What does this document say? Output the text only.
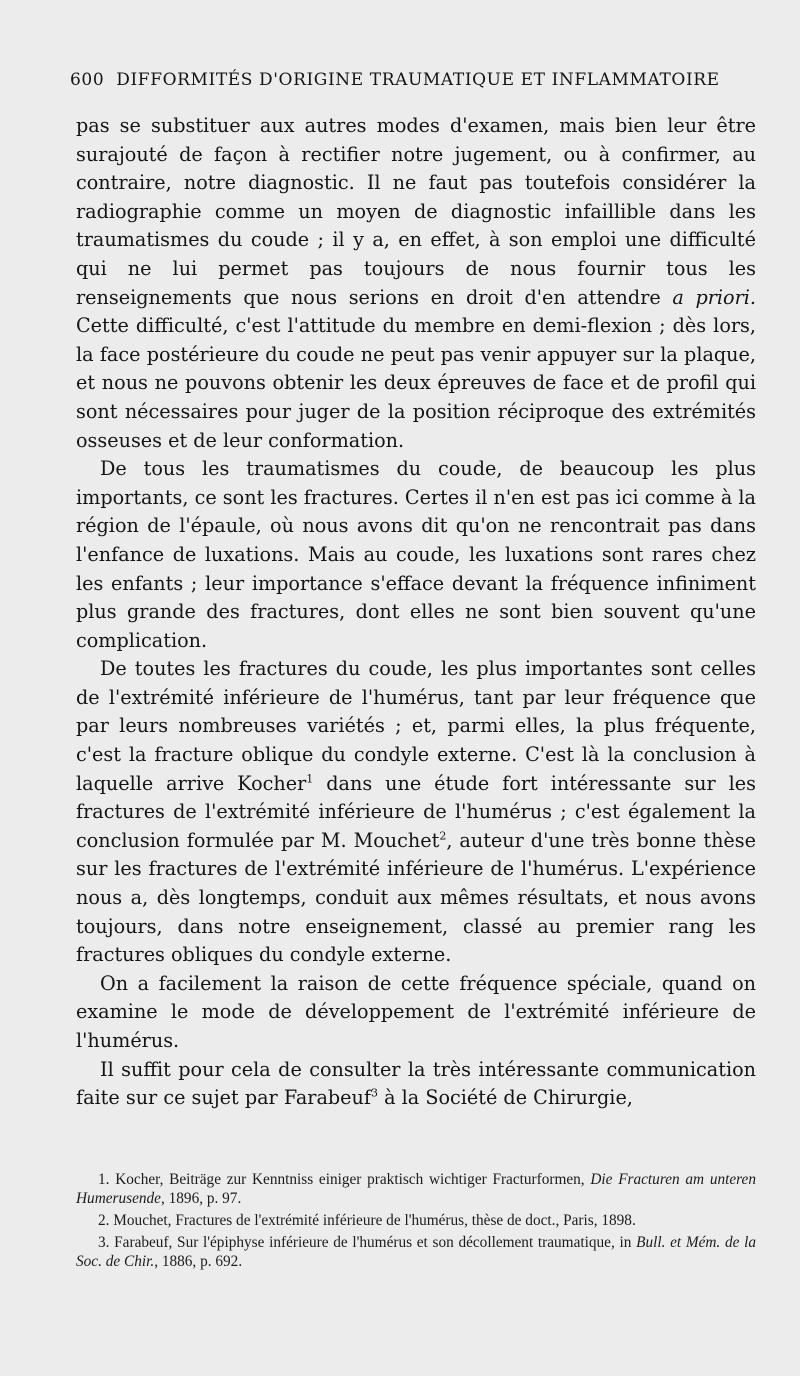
600 DIFFORMITÉS D'ORIGINE TRAUMATIQUE ET INFLAMMATOIRE

pas se substituer aux autres modes d'examen, mais bien leur être surajouté de façon à rectifier notre jugement, ou à confirmer, au contraire, notre diagnostic. Il ne faut pas toutefois considérer la radiographie comme un moyen de diagnostic infaillible dans les traumatismes du coude ; il y a, en effet, à son emploi une difficulté qui ne lui permet pas toujours de nous fournir tous les renseignements que nous serions en droit d'en attendre a priori. Cette difficulté, c'est l'attitude du membre en demi-flexion ; dès lors, la face postérieure du coude ne peut pas venir appuyer sur la plaque, et nous ne pouvons obtenir les deux épreuves de face et de profil qui sont nécessaires pour juger de la position réciproque des extrémités osseuses et de leur conformation.

De tous les traumatismes du coude, de beaucoup les plus importants, ce sont les fractures. Certes il n'en est pas ici comme à la région de l'épaule, où nous avons dit qu'on ne rencontrait pas dans l'enfance de luxations. Mais au coude, les luxations sont rares chez les enfants ; leur importance s'efface devant la fréquence infiniment plus grande des fractures, dont elles ne sont bien souvent qu'une complication.

De toutes les fractures du coude, les plus importantes sont celles de l'extrémité inférieure de l'humérus, tant par leur fréquence que par leurs nombreuses variétés ; et, parmi elles, la plus fréquente, c'est la fracture oblique du condyle externe. C'est là la conclusion à laquelle arrive Kocher$^1$ dans une étude fort intéressante sur les fractures de l'extrémité inférieure de l'humérus ; c'est également la conclusion formulée par M. Mouchet$^2$, auteur d'une très bonne thèse sur les fractures de l'extrémité inférieure de l'humérus. L'expérience nous a, dès longtemps, conduit aux mêmes résultats, et nous avons toujours, dans notre enseignement, classé au premier rang les fractures obliques du condyle externe.

On a facilement la raison de cette fréquence spéciale, quand on examine le mode de développement de l'extrémité inférieure de l'humérus.

Il suffit pour cela de consulter la très intéressante communication faite sur ce sujet par Farabeuf$^3$ à la Société de Chirurgie,

1. Kocher, Beiträge zur Kenntniss einiger praktisch wichtiger Fracturformen, Die Fracturen am unteren Humerusende, 1896, p. 97.

2. Mouchet, Fractures de l'extrémité inférieure de l'humérus, thèse de doct., Paris, 1898.

3. Farabeuf, Sur l'épiphyse inférieure de l'humérus et son décollement traumatique, in Bull. et Mém. de la Soc. de Chir., 1886, p. 692.
